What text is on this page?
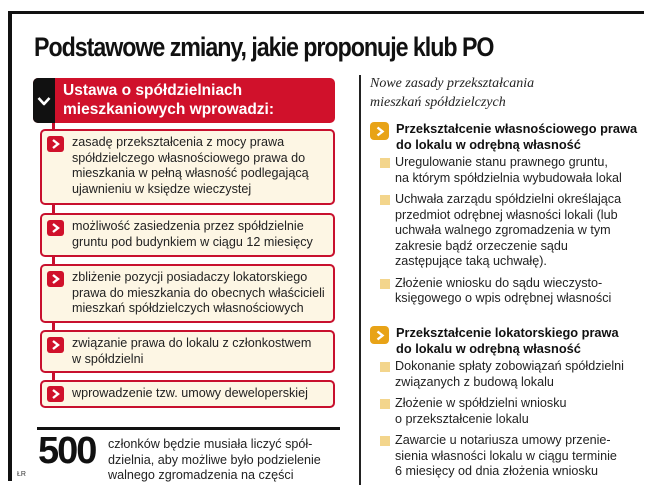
Podstawowe zmiany, jakie proponuje klub PO
Ustawa o spółdzielniach
mieszkaniowych wprowadzi:
zasadę przekształcenia z mocy prawa
spółdzielczego własnościowego prawa do
mieszkania w pełną własność podlegającą
ujawnieniu w księdze wieczystej
możliwość zasiedzenia przez spółdzielnie
gruntu pod budynkiem w ciągu 12 miesięcy
zbliżenie pozycji posiadaczy lokatorskiego
prawa do mieszkania do obecnych właścicieli
mieszkań spółdzielczych własnościowych
związanie prawa do lokalu z członkostwem
w spółdzielni
wprowadzenie tzw. umowy deweloperskiej
500 członków będzie musiała liczyć spół-
dzielnia, aby możliwe było podzielenie
walnego zgromadzenia na części
ŁR
Nowe zasady przekształcania
mieszkań spółdzielczych
Przekształcenie własnościowego prawa
do lokalu w odrębną własność
Uregulowanie stanu prawnego gruntu,
na którym spółdzielnia wybudowała lokal
Uchwała zarządu spółdzielni określająca
przedmiot odrębnej własności lokali (lub
uchwała walnego zgromadzenia w tym
zakresie bądź orzeczenie sądu
zastępujące taką uchwałę).
Złożenie wniosku do sądu wieczysto-
księgowego o wpis odrębnej własności
Przekształcenie lokatorskiego prawa
do lokalu w odrębną własność
Dokonanie spłaty zobowiązań spółdzielni
związanych z budową lokalu
Złożenie w spółdzielni wniosku
o przekształcenie lokalu
Zawarcie u notariusza umowy przenie-
sienia własności lokalu w ciągu terminie
6 miesięcy od dnia złożenia wniosku
